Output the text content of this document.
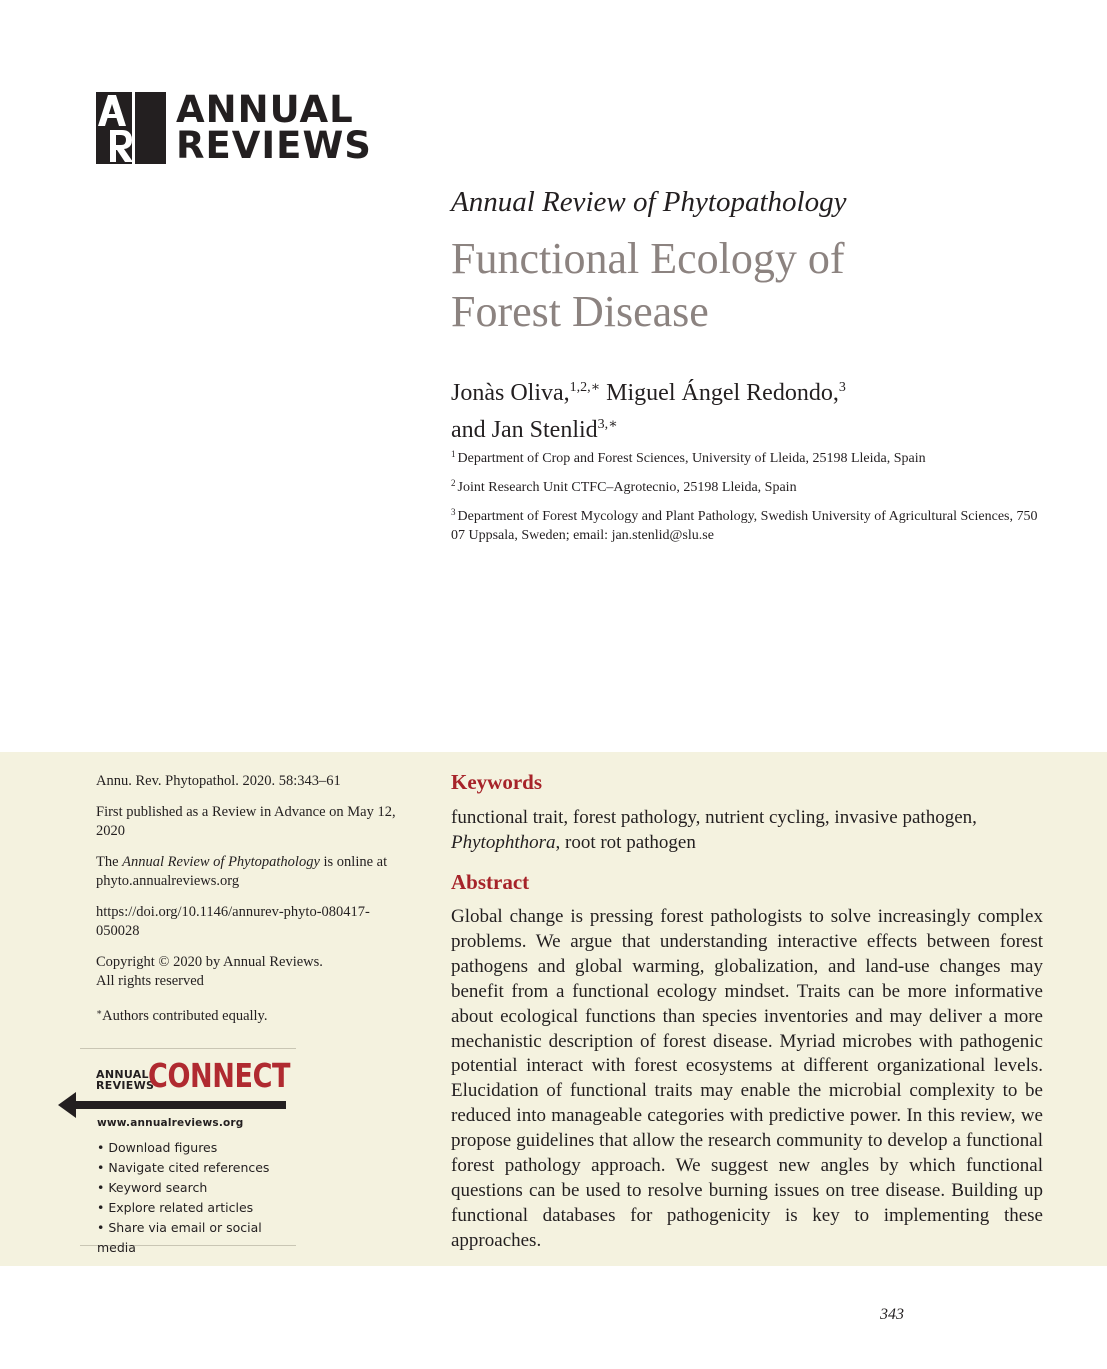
ANNUAL
REVIEWS
Annual Review of Phytopathology
Functional Ecology of
Forest Disease
Jonàs Oliva,$^{1,2,∗}$ Miguel Ángel Redondo,$^3$
and Jan Stenlid$^{3,∗}$

$^1$ Department of Crop and Forest Sciences, University of Lleida, 25198 Lleida, Spain

$^2$ Joint Research Unit CTFC–Agrotecnio, 25198 Lleida, Spain

$^3$ Department of Forest Mycology and Plant Pathology, Swedish University of Agricultural Sciences, 750 07 Uppsala, Sweden; email: jan.stenlid@slu.se

Annu. Rev. Phytopathol. 2020. 58:343–61

First published as a Review in Advance on May 12, 2020

The Annual Review of Phytopathology is online at phyto.annualreviews.org

https://doi.org/10.1146/annurev-phyto-080417-050028

Copyright © 2020 by Annual Reviews.
All rights reserved

∗Authors contributed equally.

ANNUAL
REVIEWS
CONNECT
www.annualreviews.org
• Download figures
• Navigate cited references
• Keyword search
• Explore related articles
• Share via email or social media
Keywords
functional trait, forest pathology, nutrient cycling, invasive pathogen,
Phytophthora, root rot pathogen
Abstract
Global change is pressing forest pathologists to solve increasingly complex problems. We argue that understanding interactive effects between forest pathogens and global warming, globalization, and land-use changes may benefit from a functional ecology mindset. Traits can be more informative about ecological functions than species inventories and may deliver a more mechanistic description of forest disease. Myriad microbes with pathogenic potential interact with forest ecosystems at different organizational levels. Elucidation of functional traits may enable the microbial complexity to be reduced into manageable categories with predictive power. In this review, we propose guidelines that allow the research community to develop a functional forest pathology approach. We suggest new angles by which functional questions can be used to resolve burning issues on tree disease. Building up functional databases for pathogenicity is key to implementing these approaches.
343
